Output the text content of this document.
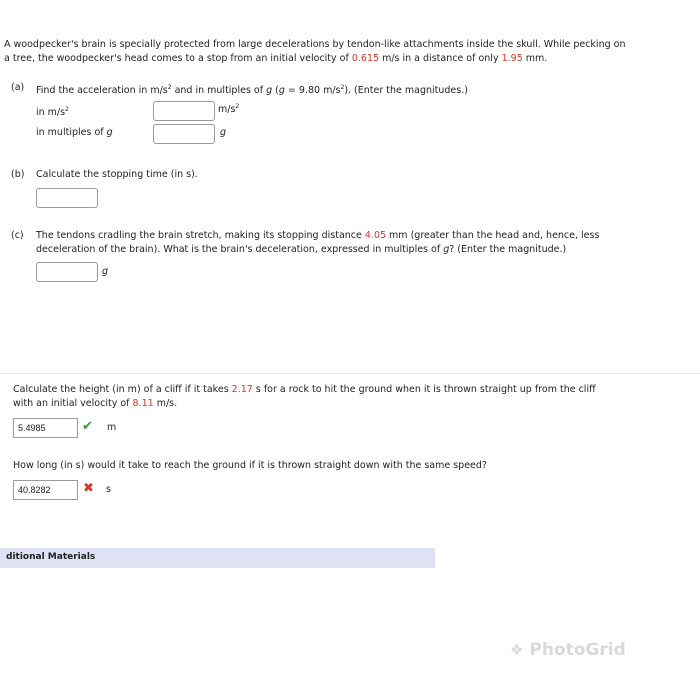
A woodpecker's brain is specially protected from large decelerations by tendon-like attachments inside the skull. While pecking on
a tree, the woodpecker's head comes to a stop from an initial velocity of 0.615 m/s in a distance of only 1.95 mm.
(a) Find the acceleration in $m/s^2$ and in multiples of g (g = 9.80 $m/s^2$). (Enter the magnitudes.)
in $m/s^2$	$m/s^2$
in multiples of g	g
(b) Calculate the stopping time (in s).
(c) The tendons cradling the brain stretch, making its stopping distance 4.05 mm (greater than the head and, hence, less
deceleration of the brain). What is the brain's deceleration, expressed in multiples of g? (Enter the magnitude.)
g
Calculate the height (in m) of a cliff if it takes 2.17 s for a rock to hit the ground when it is thrown straight up from the cliff
with an initial velocity of 8.11 m/s.
5.4985	✔ m
How long (in s) would it take to reach the ground if it is thrown straight down with the same speed?
40.8282	✖ s
ditional Materials
❖ PhotoGrid
